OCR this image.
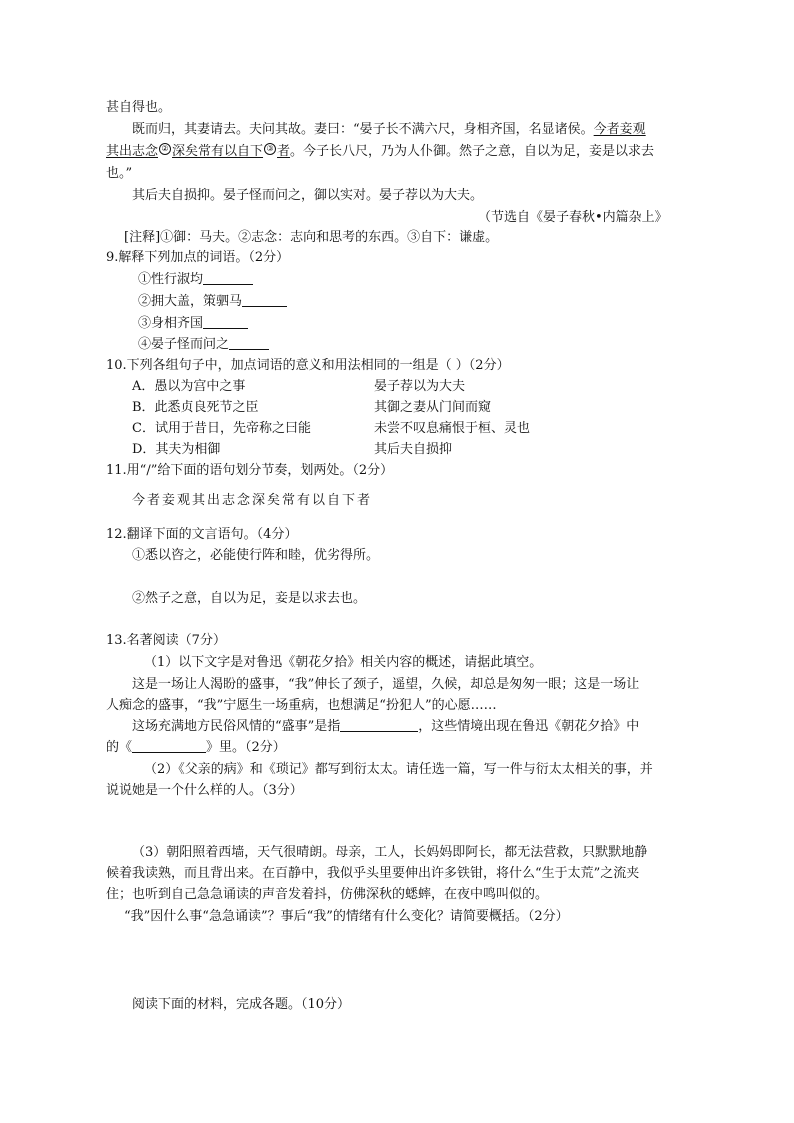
甚自得也。
既而归，其妻请去。夫问其故。妻曰：“晏子长不满六尺，身相齐国，名显诸侯。今者妾观
其出志念 ② 深矣常有以自下 ③ 者。今子长八尺，乃为人仆御。然子之意，自以为足，妾是以求去
也。”
其后夫自损抑。晏子怪而问之，御以实对。晏子荐以为大夫。
（节选自《晏子春秋•内篇杂上》
[注释]①御：马夫。②志念：志向和思考的东西。③自下：谦虚。
9.解释下列加点的词语。（2分）
①性行淑均
②拥大盖，策驷马
③身相齐国
④晏子怪而问之
10.下列各组句子中，加点词语的意义和用法相同的一组是（ ）（2分）
A．愚以为宫中之事	晏子荐以为大夫
B．此悉贞良死节之臣	其御之妻从门间而窥
C．试用于昔日，先帝称之曰能	未尝不叹息痛恨于桓、灵也
D．其夫为相御	其后夫自损抑
11.用“/”给下面的语句划分节奏，划两处。（2分）
今者妾观其出志念深矣常有以自下者
12.翻译下面的文言语句。（4分）
①悉以咨之，必能使行阵和睦，优劣得所。
②然子之意，自以为足，妾是以求去也。
13.名著阅读（7分）
（1）以下文字是对鲁迅《朝花夕拾》相关内容的概述，请据此填空。
这是一场让人渴盼的盛事，“我”伸长了颈子，遥望，久候，却总是匆匆一眼；这是一场让
人痴念的盛事，“我”宁愿生一场重病，也想满足“扮犯人”的心愿……
这场充满地方民俗风情的“盛事”是指	，这些情境出现在鲁迅《朝花夕拾》中
的《	》里。（2分）
（2）《父亲的病》和《琐记》都写到衍太太。请任选一篇，写一件与衍太太相关的事，并
说说她是一个什么样的人。（3分）
（3）朝阳照着西墙，天气很晴朗。母亲，工人，长妈妈即阿长，都无法营救，只默默地静
候着我读熟，而且背出来。在百静中，我似乎头里要伸出许多铁钳，将什么“生于太荒”之流夹
住；也听到自己急急诵读的声音发着抖，仿佛深秋的蟋蟀，在夜中鸣叫似的。
“我”因什么事“急急诵读”？事后“我”的情绪有什么变化？请简要概括。（2分）
阅读下面的材料，完成各题。（10分）
